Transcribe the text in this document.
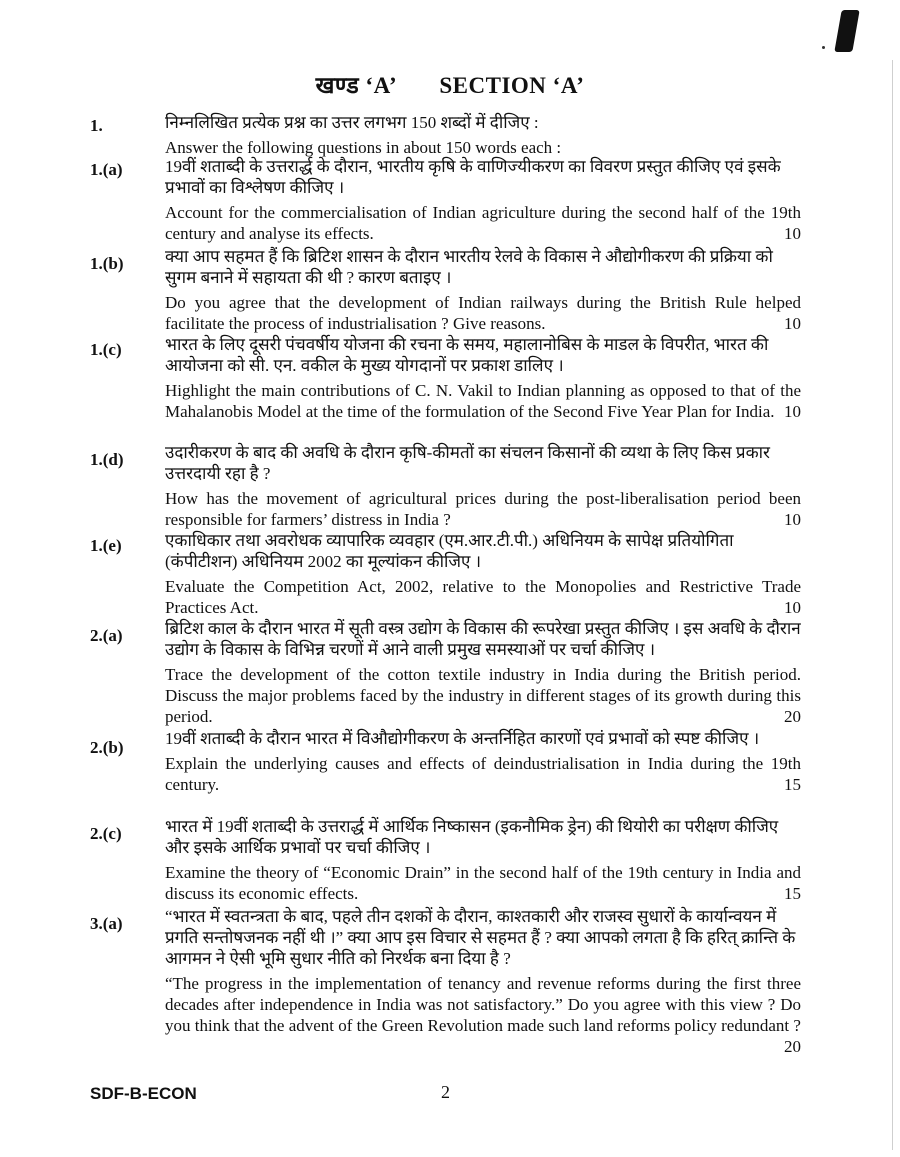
खण्ड ‘A’ SECTION ‘A’
1.	निम्नलिखित प्रत्येक प्रश्न का उत्तर लगभग 150 शब्दों में दीजिए :

Answer the following questions in about 150 words each :

1.(a) 19वीं शताब्दी के उत्तरार्द्ध के दौरान, भारतीय कृषि के वाणिज्यीकरण का विवरण प्रस्तुत कीजिए एवं इसके प्रभावों का विश्लेषण कीजिए ।

Account for the commercialisation of Indian agriculture during the second half of the 19th century and analyse its effects.	10

1.(b) क्या आप सहमत हैं कि ब्रिटिश शासन के दौरान भारतीय रेलवे के विकास ने औद्योगीकरण की प्रक्रिया को सुगम बनाने में सहायता की थी ? कारण बताइए ।

Do you agree that the development of Indian railways during the British Rule helped facilitate the process of industrialisation ? Give reasons.	10

1.(c)	भारत के लिए दूसरी पंचवर्षीय योजना की रचना के समय, महालानोबिस के माडल के विपरीत, भारत की आयोजना को सी. एन. वकील के मुख्य योगदानों पर प्रकाश डालिए ।

Highlight the main contributions of C. N. Vakil to Indian planning as opposed to that of the Mahalanobis Model at the time of the formulation of the Second Five Year Plan for India. 10

1.(d) उदारीकरण के बाद की अवधि के दौरान कृषि-कीमतों का संचलन किसानों की व्यथा के लिए किस प्रकार उत्तरदायी रहा है ?

How has the movement of agricultural prices during the post-liberalisation period been responsible for farmers’ distress in India ?	10

1.(e)	एकाधिकार तथा अवरोधक व्यापारिक व्यवहार (एम.आर.टी.पी.) अधिनियम के सापेक्ष प्रतियोगिता (कंपीटीशन) अधिनियम 2002 का मूल्यांकन कीजिए ।

Evaluate the Competition Act, 2002, relative to the Monopolies and Restrictive Trade Practices Act.	10

2.(a) ब्रिटिश काल के दौरान भारत में सूती वस्त्र उद्योग के विकास की रूपरेखा प्रस्तुत कीजिए । इस अवधि के दौरान उद्योग के विकास के विभिन्न चरणों में आने वाली प्रमुख समस्याओं पर चर्चा कीजिए ।

Trace the development of the cotton textile industry in India during the British period. Discuss the major problems faced by the industry in different stages of its growth during this period.	20

2.(b) 19वीं शताब्दी के दौरान भारत में विऔद्योगीकरण के अन्तर्निहित कारणों एवं प्रभावों को स्पष्ट कीजिए ।

Explain the underlying causes and effects of deindustrialisation in India during the 19th century.	15

2.(c)	भारत में 19वीं शताब्दी के उत्तरार्द्ध में आर्थिक निष्कासन (इकनौमिक ड्रेन) की थियोरी का परीक्षण कीजिए और इसके आर्थिक प्रभावों पर चर्चा कीजिए ।

Examine the theory of “Economic Drain” in the second half of the 19th century in India and discuss its economic effects.	15

3.(a) “भारत में स्वतन्त्रता के बाद, पहले तीन दशकों के दौरान, काश्तकारी और राजस्व सुधारों के कार्यान्वयन में प्रगति सन्तोषजनक नहीं थी ।” क्या आप इस विचार से सहमत हैं ? क्या आपको लगता है कि हरित् क्रान्ति के आगमन ने ऐसी भूमि सुधार नीति को निरर्थक बना दिया है ?

“The progress in the implementation of tenancy and revenue reforms during the first three decades after independence in India was not satisfactory.” Do you agree with this view ? Do you think that the advent of the Green Revolution made such land reforms policy redundant ?
20

SDF-B-ECON	2
